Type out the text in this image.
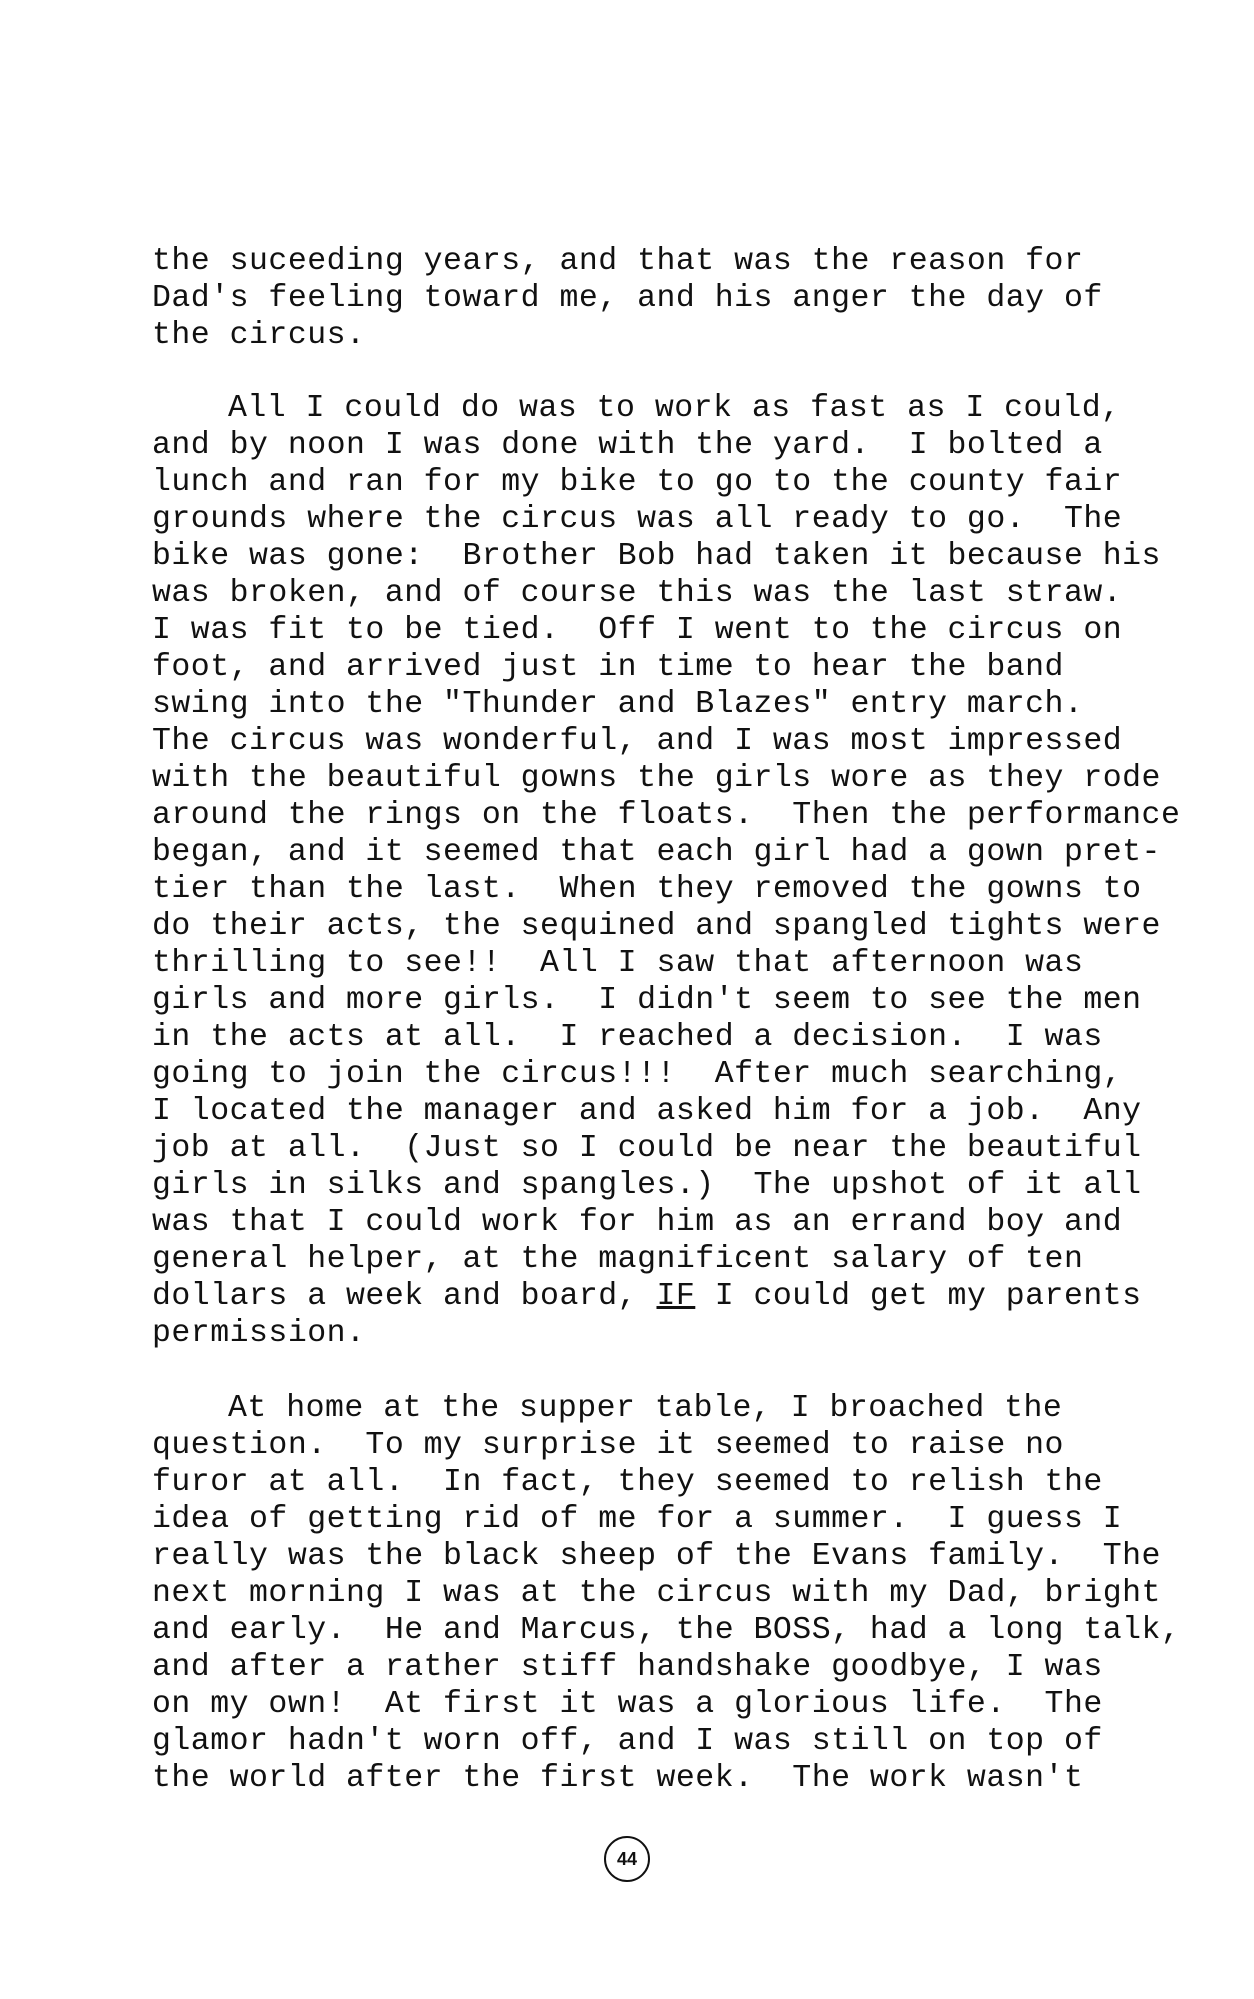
the suceeding years, and that was the reason for
Dad's feeling toward me, and his anger the day of
the circus.
All I could do was to work as fast as I could,
and by noon I was done with the yard.  I bolted a
lunch and ran for my bike to go to the county fair
grounds where the circus was all ready to go.  The
bike was gone:  Brother Bob had taken it because his
was broken, and of course this was the last straw.
I was fit to be tied.  Off I went to the circus on
foot, and arrived just in time to hear the band
swing into the "Thunder and Blazes" entry march.
The circus was wonderful, and I was most impressed
with the beautiful gowns the girls wore as they rode
around the rings on the floats.  Then the performance
began, and it seemed that each girl had a gown pret-
tier than the last.  When they removed the gowns to
do their acts, the sequined and spangled tights were
thrilling to see!!  All I saw that afternoon was
girls and more girls.  I didn't seem to see the men
in the acts at all.  I reached a decision.  I was
going to join the circus!!!  After much searching,
I located the manager and asked him for a job.  Any
job at all.  (Just so I could be near the beautiful
girls in silks and spangles.)  The upshot of it all
was that I could work for him as an errand boy and
general helper, at the magnificent salary of ten
dollars a week and board, IF I could get my parents
permission.
At home at the supper table, I broached the
question.  To my surprise it seemed to raise no
furor at all.  In fact, they seemed to relish the
idea of getting rid of me for a summer.  I guess I
really was the black sheep of the Evans family.  The
next morning I was at the circus with my Dad, bright
and early.  He and Marcus, the BOSS, had a long talk,
and after a rather stiff handshake goodbye, I was
on my own!  At first it was a glorious life.  The
glamor hadn't worn off, and I was still on top of
the world after the first week.  The work wasn't
44
